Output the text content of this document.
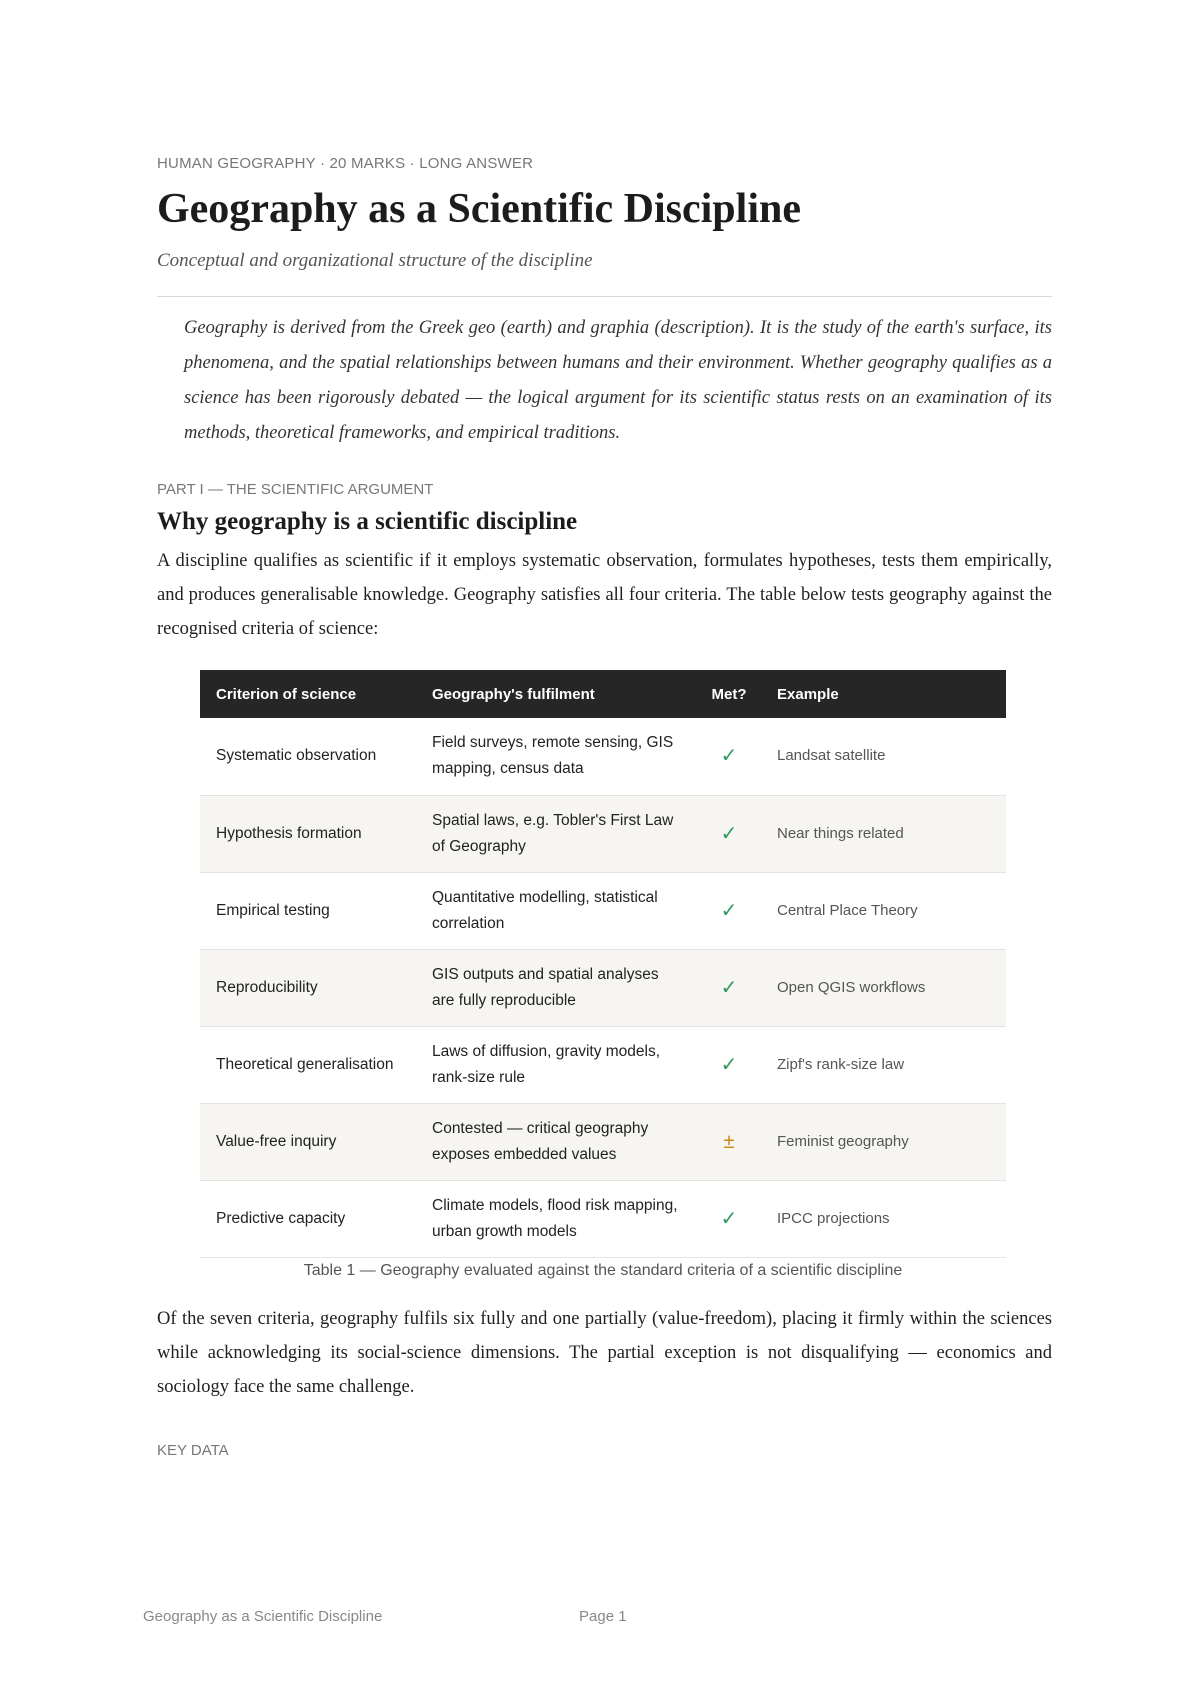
HUMAN GEOGRAPHY · 20 MARKS · LONG ANSWER

Geography as a Scientific Discipline

Conceptual and organizational structure of the discipline

Geography is derived from the Greek geo (earth) and graphia (description). It is the study of the earth's surface, its phenomena, and the spatial relationships between humans and their environment. Whether geography qualifies as a science has been rigorously debated — the logical argument for its scientific status rests on an examination of its methods, theoretical frameworks, and empirical traditions.

PART I — THE SCIENTIFIC ARGUMENT

Why geography is a scientific discipline

A discipline qualifies as scientific if it employs systematic observation, formulates hypotheses, tests them empirically, and produces generalisable knowledge. Geography satisfies all four criteria. The table below tests geography against the recognised criteria of science:

Criterion of science	Geography's fulfilment	Met?	Example
Systematic observation	Field surveys, remote sensing, GIS mapping, census data	✓	Landsat satellite
Hypothesis formation	Spatial laws, e.g. Tobler's First Law of Geography	✓	Near things related
Empirical testing	Quantitative modelling, statistical correlation	✓	Central Place Theory
Reproducibility	GIS outputs and spatial analyses are fully reproducible	✓	Open QGIS workflows
Theoretical generalisation	Laws of diffusion, gravity models, rank-size rule	✓	Zipf's rank-size law
Value-free inquiry	Contested — critical geography exposes embedded values	±	Feminist geography
Predictive capacity	Climate models, flood risk mapping, urban growth models	✓	IPCC projections

Table 1 — Geography evaluated against the standard criteria of a scientific discipline

Of the seven criteria, geography fulfils six fully and one partially (value-freedom), placing it firmly within the sciences while acknowledging its social-science dimensions. The partial exception is not disqualifying — economics and sociology face the same challenge.

KEY DATA

Geography as a Scientific Discipline	Page 1
